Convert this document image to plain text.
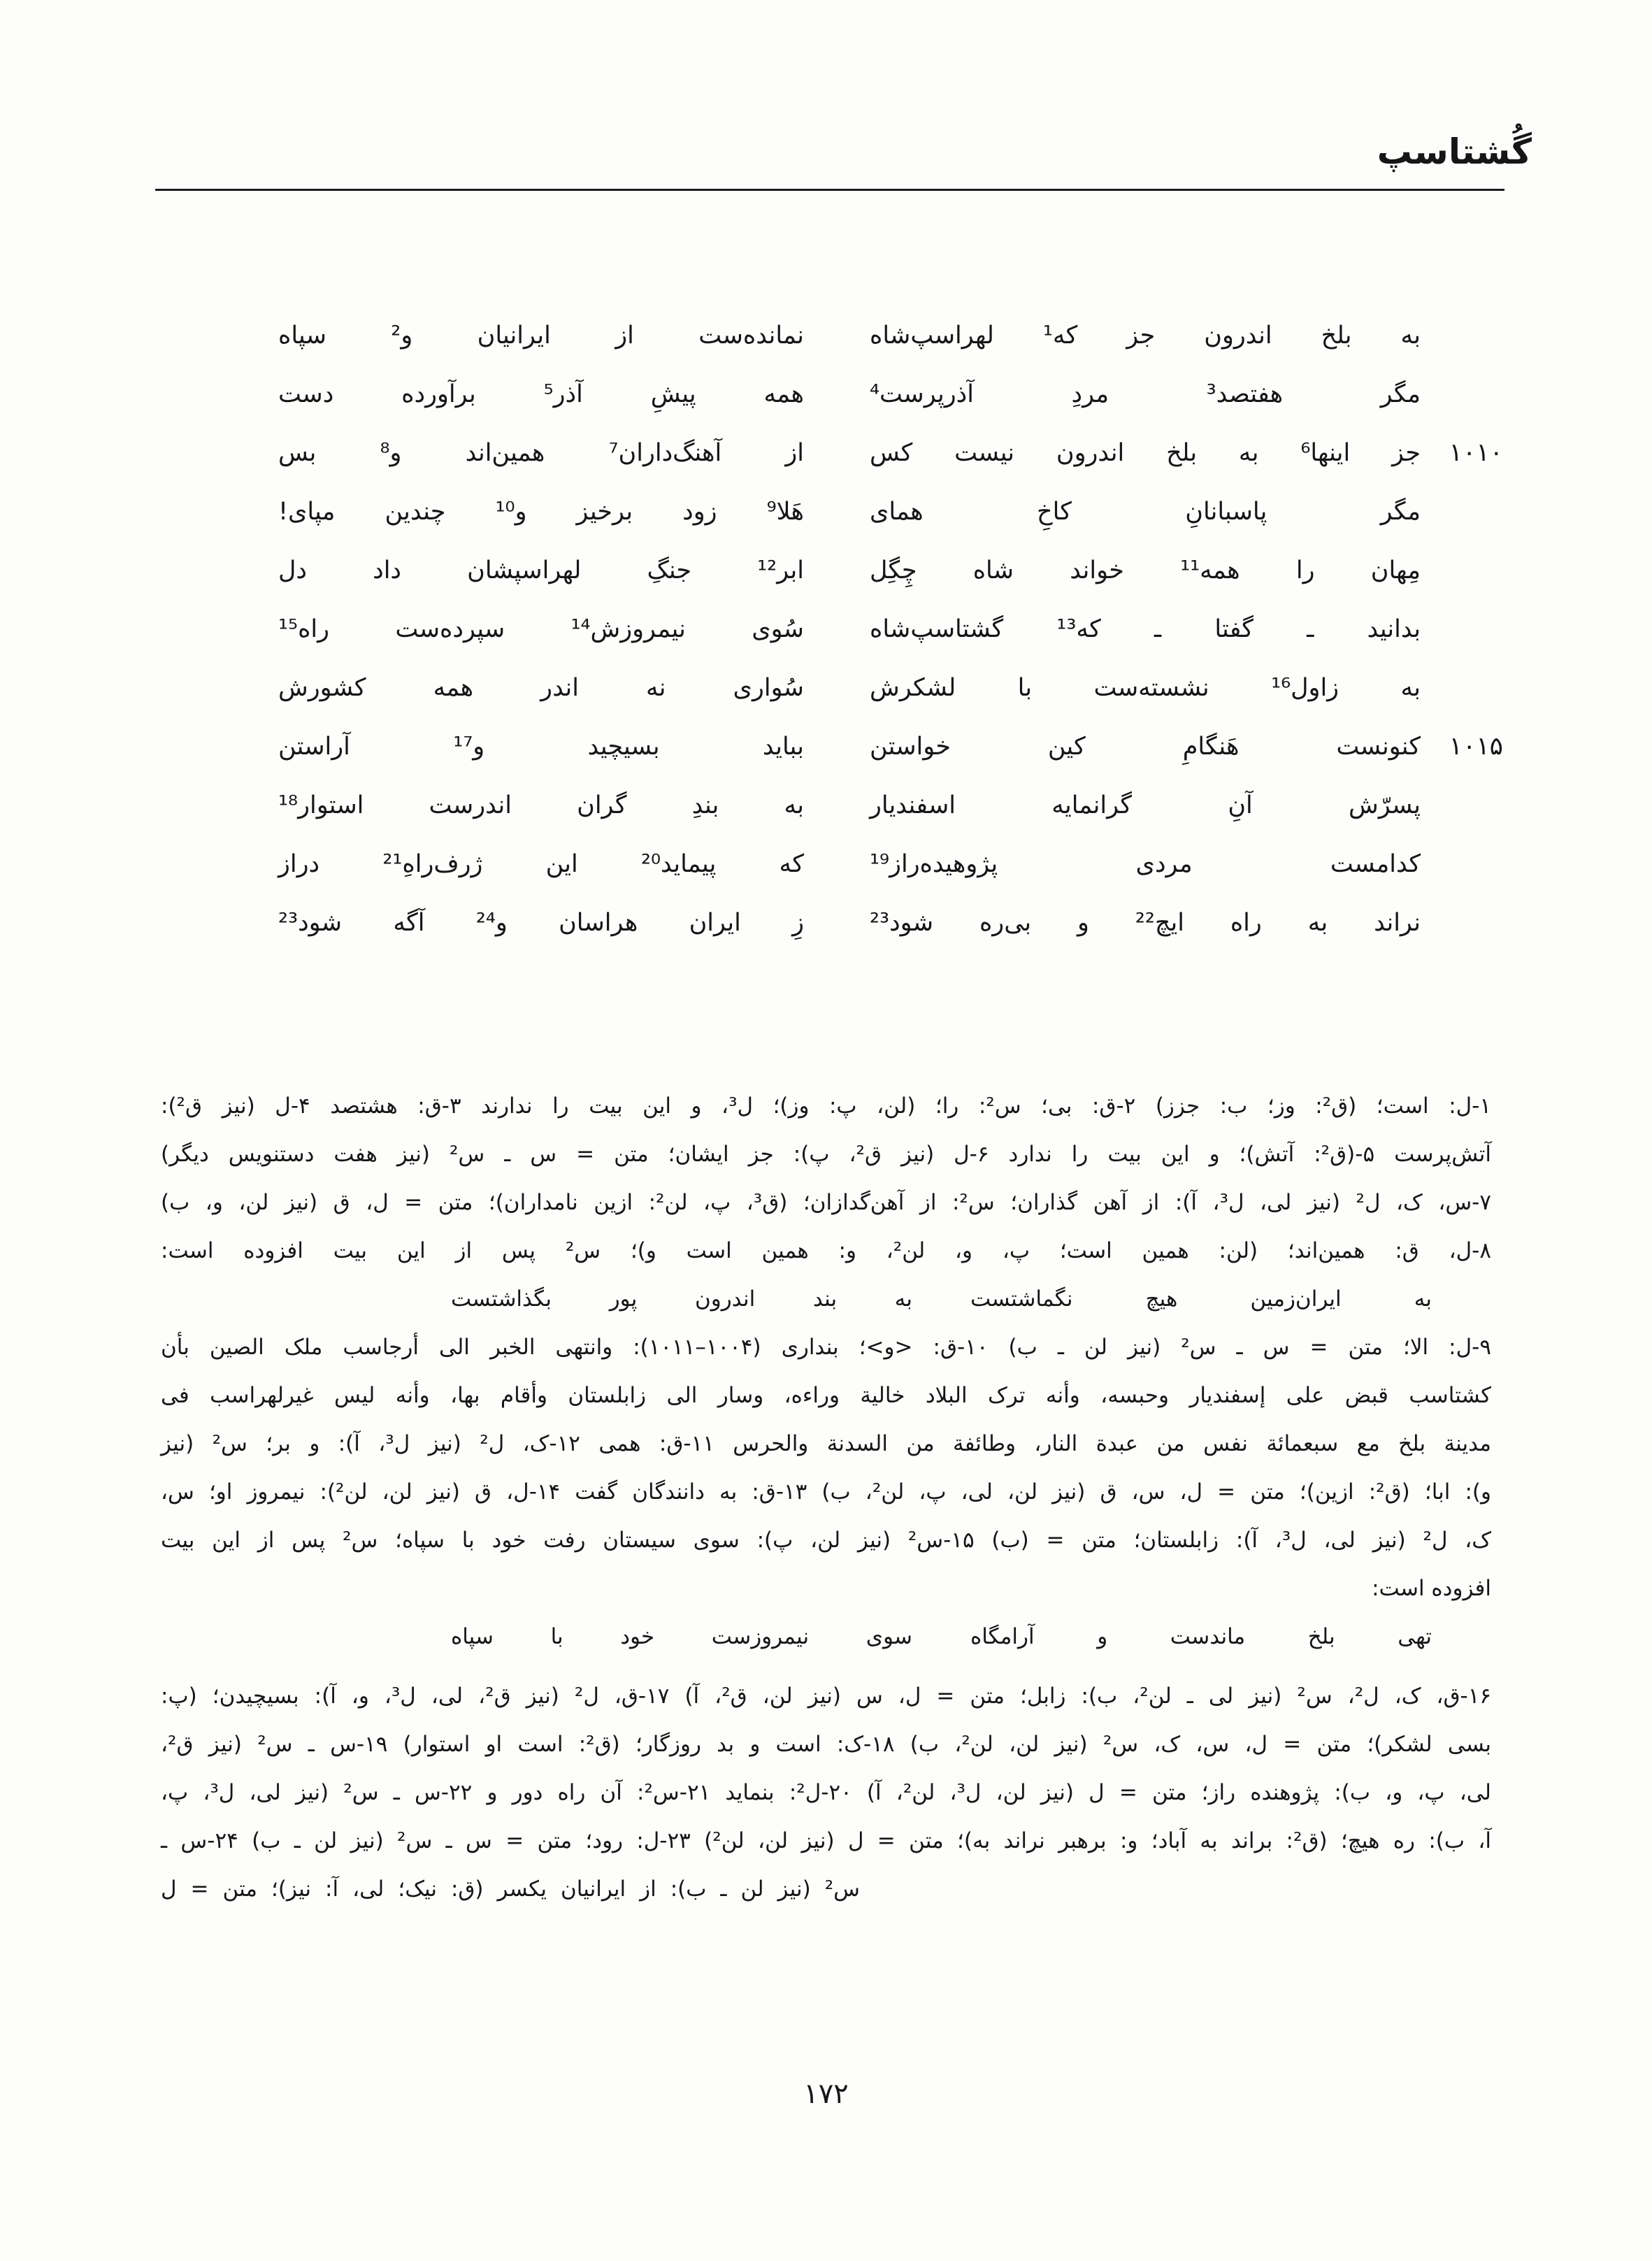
گُشتاسپ
به بلخ اندرون جز که¹ لهراسپ‌شاه
نمانده‌ست از ایرانیان و² سپاه
مگر هفتصد³ مردِ آذرپرست⁴
همه پیشِ آذر⁵ برآورده دست
۱۰۱۰
جز اینها⁶ به بلخ اندرون نیست کس
از آهنگ‌داران⁷ همین‌اند و⁸ بس
مگر پاسبانانِ کاخِ همای
هَلا⁹ زود برخیز و¹⁰ چندین مپای!
مِهان را همه¹¹ خواند شاه چِگِل
ابر¹² جنگِ لهراسپشان داد دل
بدانید ـ گفتا ـ که¹³ گشتاسپ‌شاه
سُوی نیمروزش¹⁴ سپرده‌ست راه¹⁵
به زاول¹⁶ نشسته‌ست با لشکرش
سُواری نه اندر همه کشورش
۱۰۱۵
کنونست هَنگامِ کین خواستن
بباید بسیچید و¹⁷ آراستن
پسرّش آنِ گرانمایه اسفندیار
به بندِ گران اندرست استوار¹⁸
کدامست مردی پژوهیده‌راز¹⁹
که پیماید²⁰ این ژرف‌راهِ²¹ دراز
نراند به راه ایچ²² و بی‌ره شود²³
زِ ایران هراسان و²⁴ آگه شود²³
۱-ل: است؛ (ق²: وز؛ ب: جزز) ۲-ق: بی؛ س²: را؛ (لن، پ: وز)؛ ل³، و این بیت را ندارند ۳-ق: هشتصد ۴-ل (نیز ق²):
آتش‌پرست ۵-(ق²: آتش)؛ و این بیت را ندارد ۶-ل (نیز ق²، پ): جز ایشان؛ متن = س ـ س² (نیز هفت دستنویس دیگر)
۷-س، ک، ل² (نیز لی، ل³، آ): از آهن گذاران؛ س²: از آهن‌گدازان؛ (ق³، پ، لن²: ازین نامداران)؛ متن = ل، ق (نیز لن، و، ب)
۸-ل، ق: همین‌اند؛ (لن: همین است؛ پ، و، لن²، و: همین است و)؛ س² پس از این بیت افزوده است:
به ایران‌زمین هیچ نگماشتست
به بند اندرون پور بگذاشتست
۹-ل: الا؛ متن = س ـ س² (نیز لن ـ ب) ۱۰-ق: <و>؛ بنداری (۱۰۰۴–۱۰۱۱): وانتهی الخبر الی أرجاسب ملک الصین بأن
کشتاسب قبض علی إسفندیار وحبسه، وأنه ترک البلاد خالیة وراءه، وسار الی زابلستان وأقام بها، وأنه لیس غیرلهراسب فی
مدینة بلخ مع سبعمائة نفس من عبدة النار، وطائفة من السدنة والحرس ۱۱-ق: همی ۱۲-ک، ل² (نیز ل³، آ): و بر؛ س² (نیز
و): ابا؛ (ق²: ازین)؛ متن = ل، س، ق (نیز لن، لی، پ، لن²، ب) ۱۳-ق: به دانندگان گفت ۱۴-ل، ق (نیز لن، لن²): نیمروز او؛ س،
ک، ل² (نیز لی، ل³، آ): زابلستان؛ متن = (ب) ۱۵-س² (نیز لن، پ): سوی سیستان رفت خود با سپاه؛ س² پس از این بیت
افزوده است:
تهی بلخ ماندست و آرامگاه
سوی نیمروزست خود با سپاه
۱۶-ق، ک، ل²، س² (نیز لی ـ لن²، ب): زابل؛ متن = ل، س (نیز لن، ق²، آ) ۱۷-ق، ل² (نیز ق²، لی، ل³، و، آ): بسیچیدن؛ (پ:
بسی لشکر)؛ متن = ل، س، ک، س² (نیز لن، لن²، ب) ۱۸-ک: است و بد روزگار؛ (ق²: است او استوار) ۱۹-س ـ س² (نیز ق²،
لی، پ، و، ب): پژوهنده راز؛ متن = ل (نیز لن، ل³، لن²، آ) ۲۰-ل²: بنماید ۲۱-س²: آن راه دور و ۲۲-س ـ س² (نیز لی، ل³، پ،
آ، ب): ره هیچ؛ (ق²: براند به آباد؛ و: برهبر نراند به)؛ متن = ل (نیز لن، لن²) ۲۳-ل: رود؛ متن = س ـ س² (نیز لن ـ ب) ۲۴-س ـ
س² (نیز لن ـ ب): از ایرانیان یکسر (ق: نیک؛ لی، آ: نیز)؛ متن = ل
۱۷۲
